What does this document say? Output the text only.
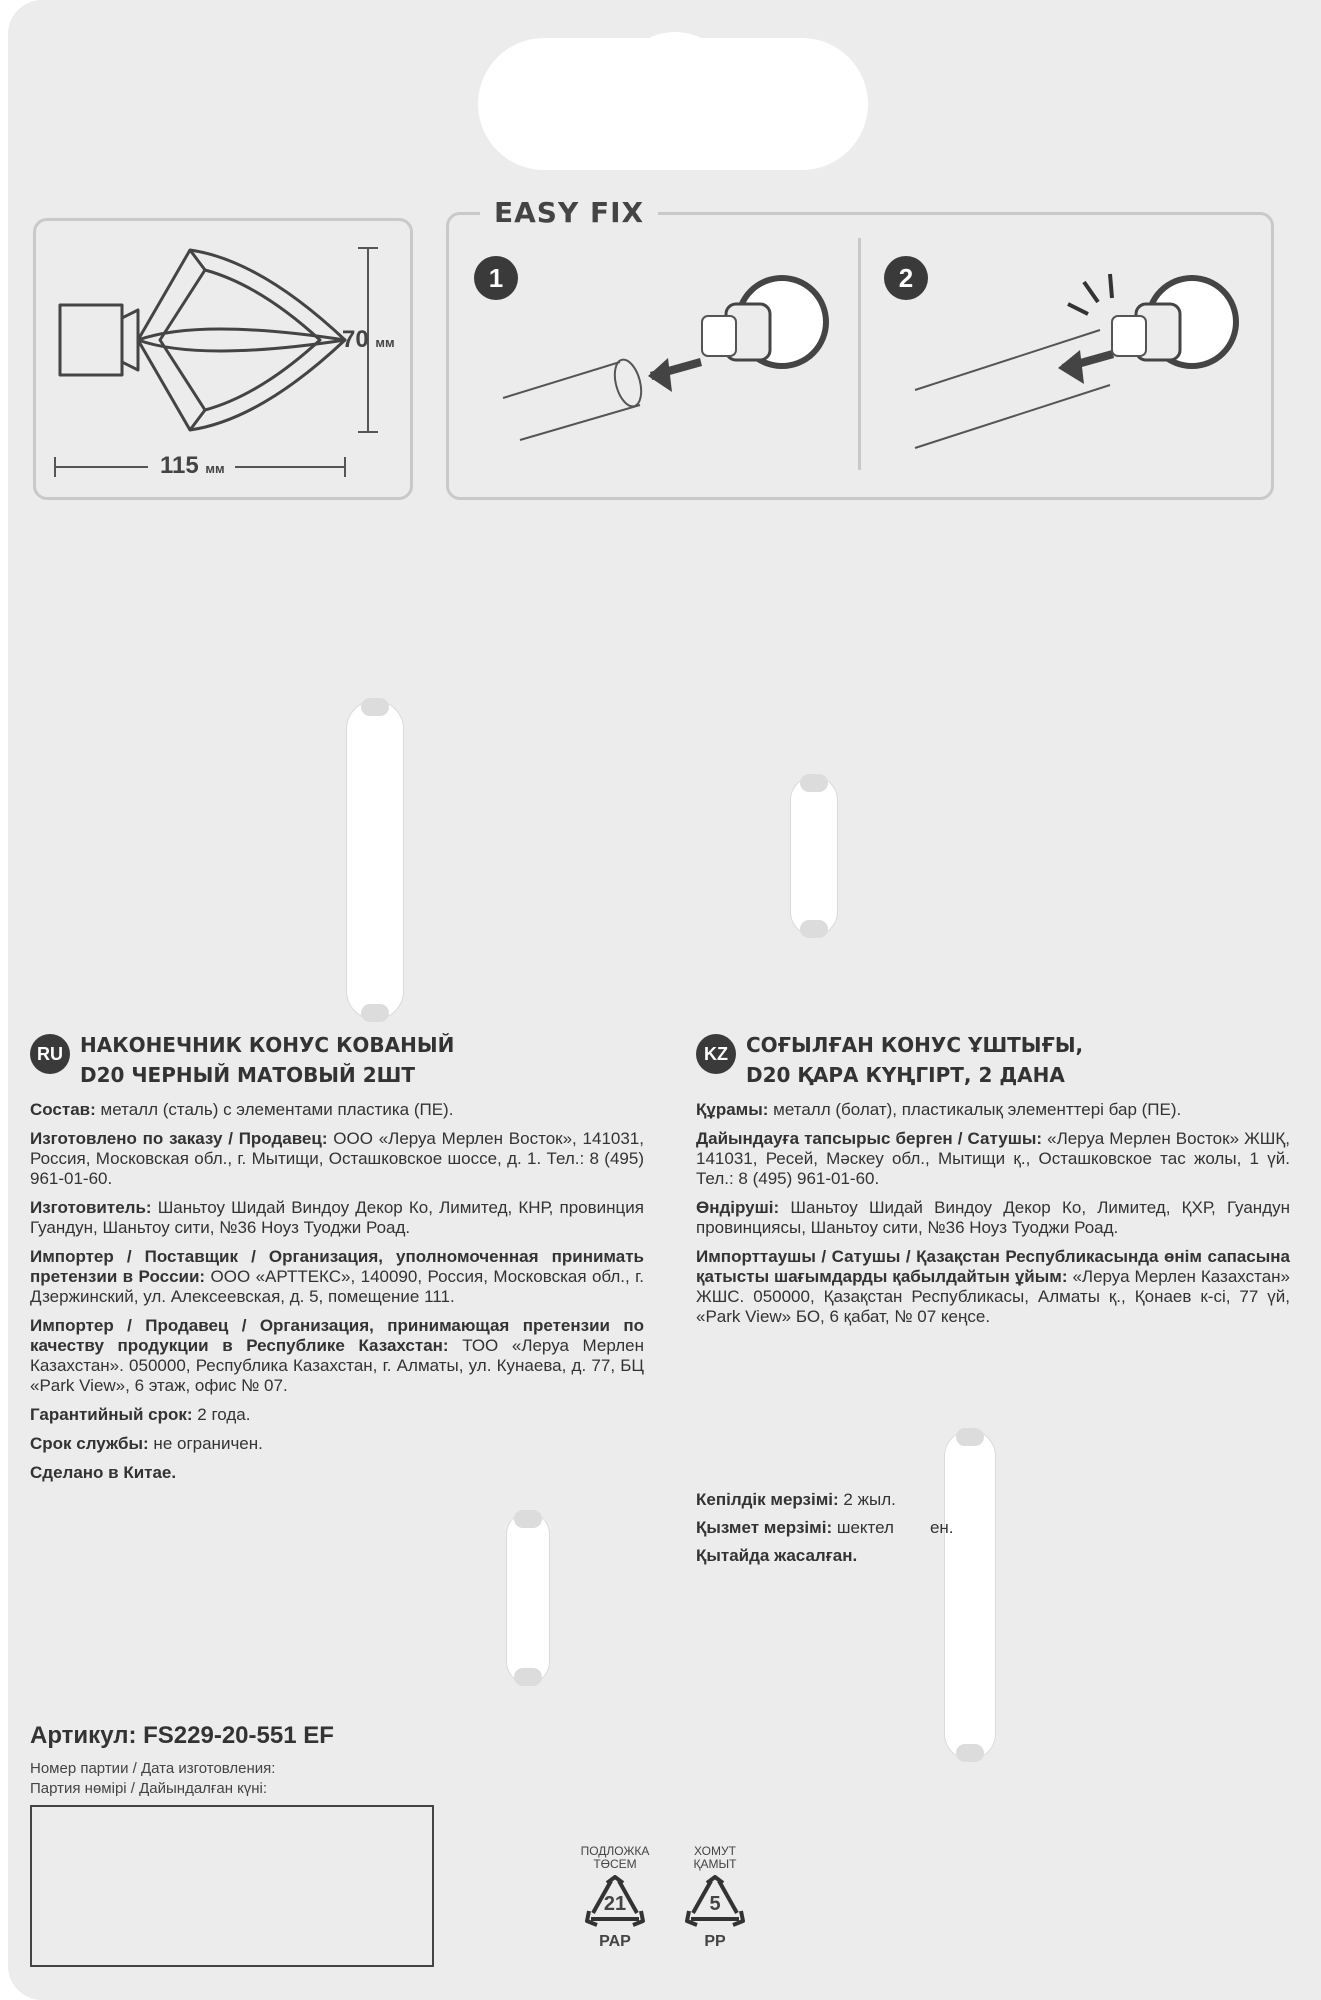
70 мм
115 мм
EASY FIX
1	2
RU НАКОНЕЧНИК КОНУС КОВАНЫЙ
D20 ЧЕРНЫЙ МАТОВЫЙ 2ШТ

Состав: металл (сталь) с элементами пластика (ПЕ).

Изготовлено по заказу / Продавец: ООО «Леруа Мерлен Восток», 141031, Россия, Московская обл., г. Мытищи, Осташковское шоссе, д. 1. Тел.: 8 (495) 961-01-60.

Изготовитель: Шаньтоу Шидай Виндоу Декор Ко, Лимитед, КНР, провинция Гуандун, Шаньтоу сити, №36 Ноуз Туоджи Роад.

Импортер / Поставщик / Организация, уполномоченная принимать претензии в России: ООО «АРТТЕКС», 140090, Россия, Московская обл., г. Дзержинский, ул. Алексеевская, д. 5, помещение 111.

Импортер / Продавец / Организация, принимающая претензии по качеству продукции в Республике Казахстан: ТОО «Леруа Мерлен Казахстан». 050000, Республика Казахстан, г. Алматы, ул. Кунаева, д. 77, БЦ «Park View», 6 этаж, офис № 07.

Гарантийный срок: 2 года.

Срок службы: не ограничен.

Сделано в Китае.

KZ СОҒЫЛҒАН КОНУС ҰШТЫҒЫ,
D20 ҚАРА КҮҢГІРТ, 2 ДАНА

Құрамы: металл (болат), пластикалық элементтері бар (ПЕ).

Дайындауға тапсырыс берген / Сатушы: «Леруа Мерлен Восток» ЖШҚ, 141031, Ресей, Мәскеу обл., Мытищи қ., Осташковское тас жолы, 1 үй. Тел.: 8 (495) 961-01-60.

Өндіруші: Шаньтоу Шидай Виндоу Декор Ко, Лимитед, ҚХР, Гуандун провинциясы, Шаньтоу сити, №36 Ноуз Туоджи Роад.

Импорттаушы / Сатушы / Қазақстан Республикасында өнім сапасына қатысты шағымдарды қабылдайтын ұйым: «Леруа Мерлен Казахстан» ЖШС. 050000, Қазақстан Республикасы, Алматы қ., Қонаев к-сі, 77 үй, «Park View» БО, 6 қабат, № 07 кеңсе.

Кепілдік мерзімі: 2 жыл.

Қызмет мерзімі: шектел ен.

Қытайда жасалған.

Артикул: FS229-20-551 EF
Номер партии / Дата изготовления:
Партия нөмірі / Дайындалған күні:
ПОДЛОЖКА
ТӨСЕМ
21
PAP
ХОМУТ
ҚАМЫТ
5
PP
